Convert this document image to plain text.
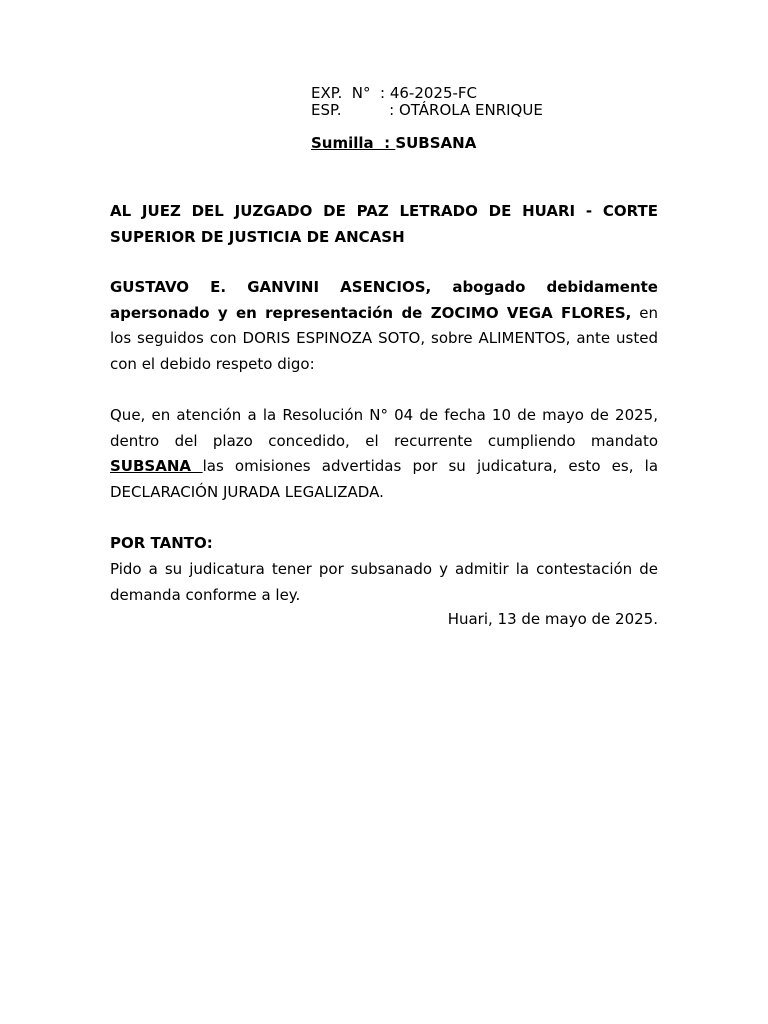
EXP.  N°  : 46-2025-FC
ESP.          : OTÁROLA ENRIQUE
Sumilla  : SUBSANA
AL JUEZ DEL JUZGADO DE PAZ LETRADO DE HUARI - CORTE SUPERIOR DE JUSTICIA DE ANCASH
GUSTAVO E. GANVINI ASENCIOS, abogado debidamente apersonado y en representación de ZOCIMO VEGA FLORES, en los seguidos con DORIS ESPINOZA SOTO, sobre ALIMENTOS, ante usted con el debido respeto digo:
Que, en atención a la Resolución N° 04 de fecha 10 de mayo de 2025, dentro del plazo concedido, el recurrente cumpliendo mandato SUBSANA las omisiones advertidas por su judicatura, esto es, la DECLARACIÓN JURADA LEGALIZADA.
POR TANTO:
Pido a su judicatura tener por subsanado y admitir la contestación de demanda conforme a ley.
Huari, 13 de mayo de 2025.
